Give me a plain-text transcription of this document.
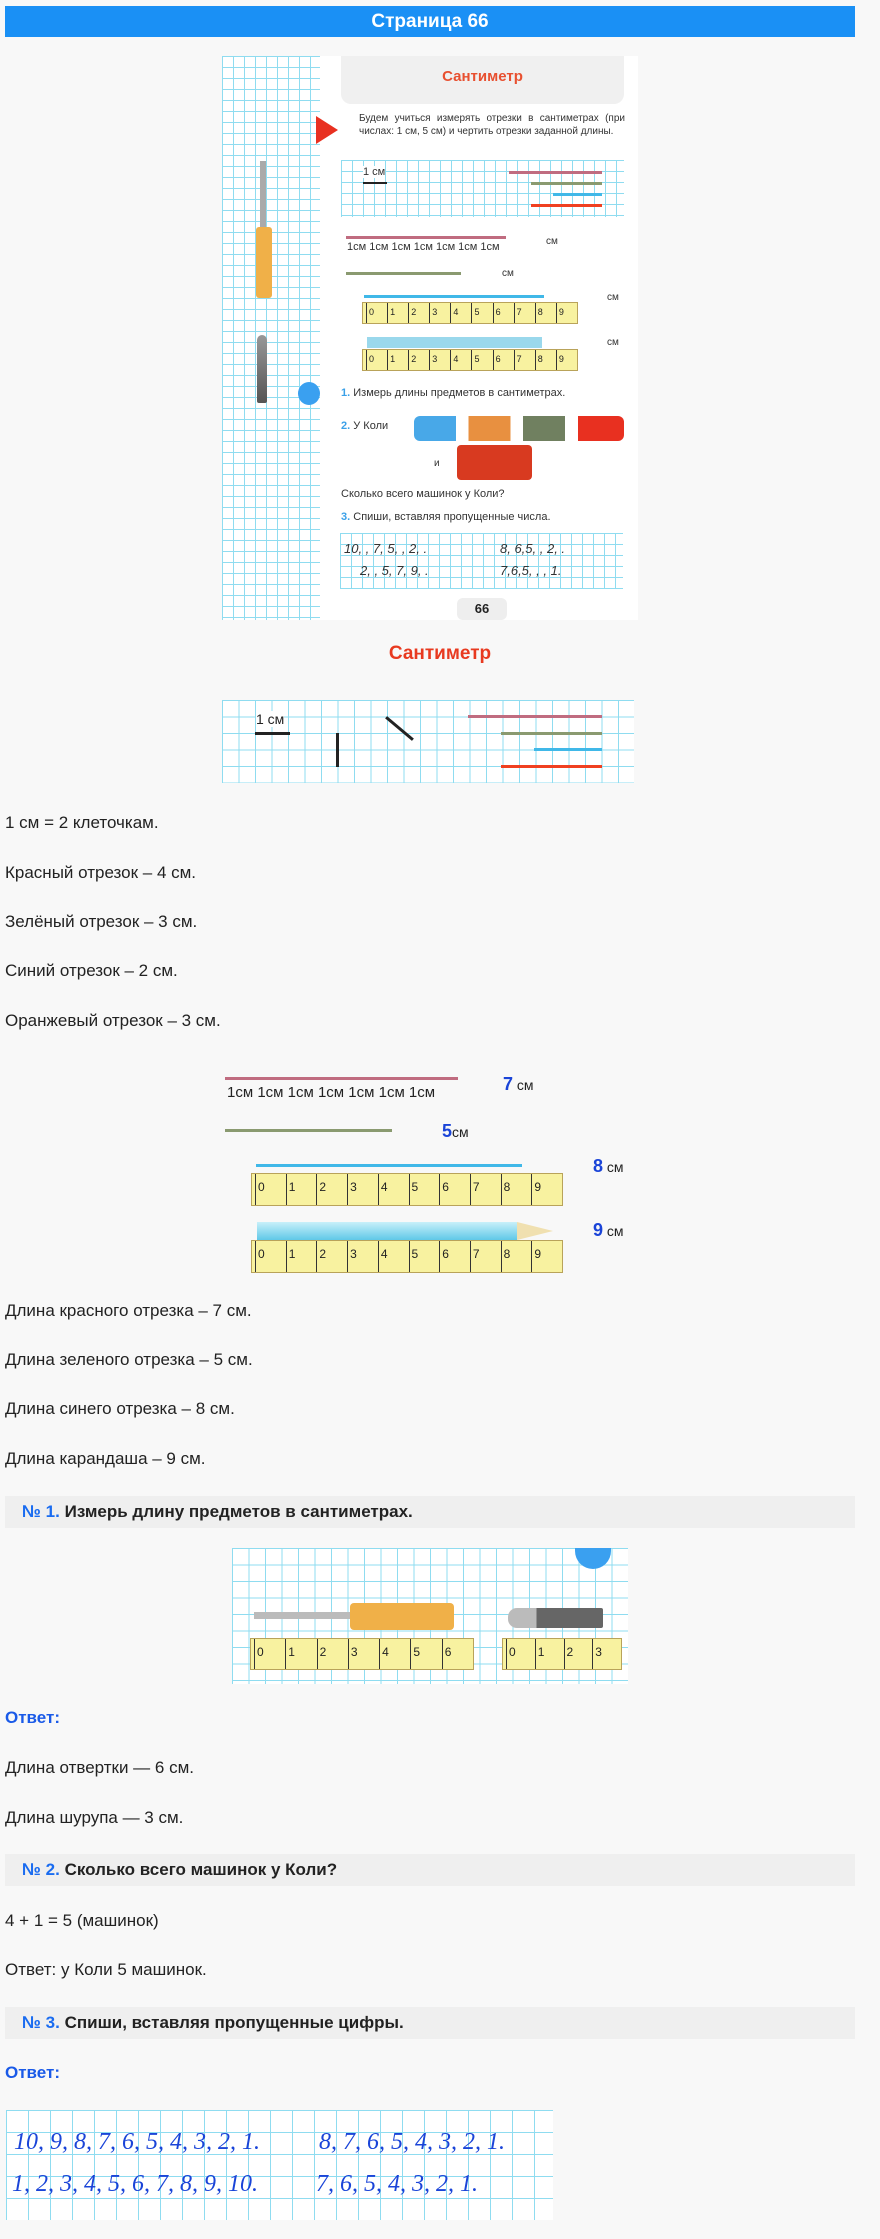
Страница 66
Сантиметр
Будем учиться измерять отрезки в сантиметрах (при числах: 1 см, 5 см) и чертить отрезки заданной длины.
1 см
1см 1см 1см 1см 1см 1см 1см	см
см
см
0	1	2	3	4	5	6	7	8	9
см
0	1	2	3	4	5	6	7	8	9
1. Измерь длины предметов в сантиметрах.
2. У Коли
и
Сколько всего машинок у Коли?
3. Спиши, вставляя пропущенные числа.
10, , 7, 5, , 2, .	8, 6,5, , 2, .
2, , 5, 7, 9, .	7,6,5, , , 1.
66
Сантиметр
1 см
1 см = 2 клеточкам.
Красный отрезок – 4 см.
Зелёный отрезок – 3 см.
Синий отрезок – 2 см.
Оранжевый отрезок – 3 см.
1см 1см 1см 1см 1см 1см 1см	7 см
5см
8 см
0	1	2	3	4	5	6	7	8	9
9 см
0	1	2	3	4	5	6	7	8	9
Длина красного отрезка – 7 см.
Длина зеленого отрезка – 5 см.
Длина синего отрезка – 8 см.
Длина карандаша – 9 см.
№ 1. Измерь длину предметов в сантиметрах.
0	1	2	3	4	5	6	0	1	2	3
Ответ:
Длина отвертки — 6 см.
Длина шурупа — 3 см.
№ 2. Сколько всего машинок у Коли?
4 + 1 = 5 (машинок)
Ответ: у Коли 5 машинок.
№ 3. Спиши, вставляя пропущенные цифры.
Ответ:
10, 9, 8, 7, 6, 5, 4, 3, 2, 1. 8, 7, 6, 5, 4, 3, 2, 1.
1, 2, 3, 4, 5, 6, 7, 8, 9, 10. 7, 6, 5, 4, 3, 2, 1.
